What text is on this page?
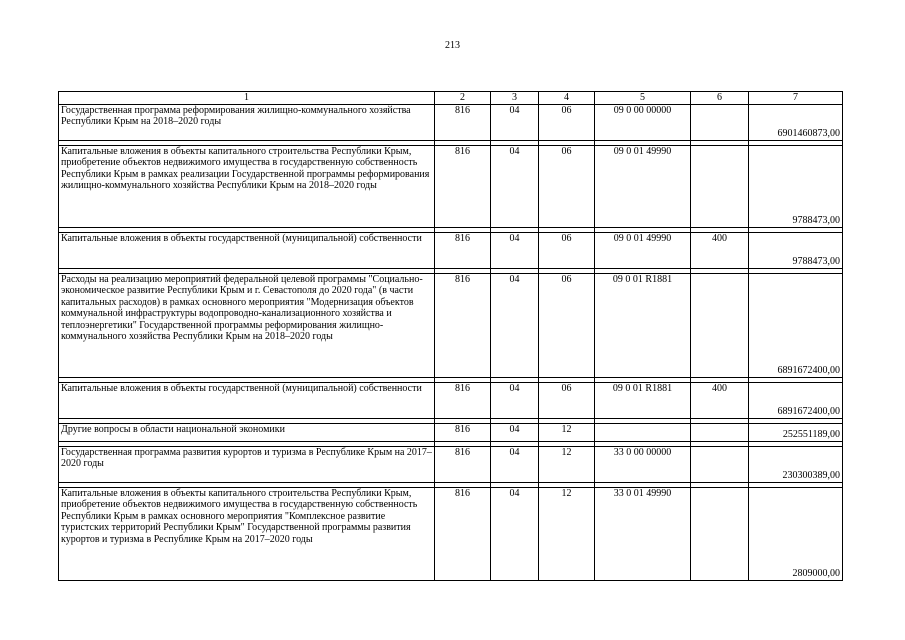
213
1	2	3	4	5	6	7
Государственная программа реформирования жилищно-коммунального хозяйства Республики Крым на 2018–2020 годы	816	04	06	09 0 00 00000		6901460873,00

Капитальные вложения в объекты капитального строительства Республики Крым, приобретение объектов недвижимого имущества в государственную собственность Республики Крым в рамках реализации Государственной программы реформирования жилищно-коммунального хозяйства Республики Крым на 2018–2020 годы	816	04	06	09 0 01 49990		9788473,00

Капитальные вложения в объекты государственной (муниципальной) собственности	816	04	06	09 0 01 49990	400	9788473,00

Расходы на реализацию мероприятий федеральной целевой программы "Социально-экономическое развитие Республики Крым и г. Севастополя до 2020 года" (в части капитальных расходов) в рамках основного мероприятия "Модернизация объектов коммунальной инфраструктуры водопроводно-канализационного хозяйства и теплоэнергетики" Государственной программы реформирования жилищно-коммунального хозяйства Республики Крым на 2018–2020 годы	816	04	06	09 0 01 R1881		6891672400,00

Капитальные вложения в объекты государственной (муниципальной) собственности	816	04	06	09 0 01 R1881	400	6891672400,00

Другие вопросы в области национальной экономики	816	04	12			252551189,00

Государственная программа развития курортов и туризма в Республике Крым на 2017–2020 годы	816	04	12	33 0 00 00000		230300389,00

Капитальные вложения в объекты капитального строительства Республики Крым, приобретение объектов недвижимого имущества в государственную собственность Республики Крым в рамках основного мероприятия "Комплексное развитие туристских территорий Республики Крым" Государственной программы развития курортов и туризма в Республике Крым на 2017–2020 годы	816	04	12	33 0 01 49990		2809000,00
